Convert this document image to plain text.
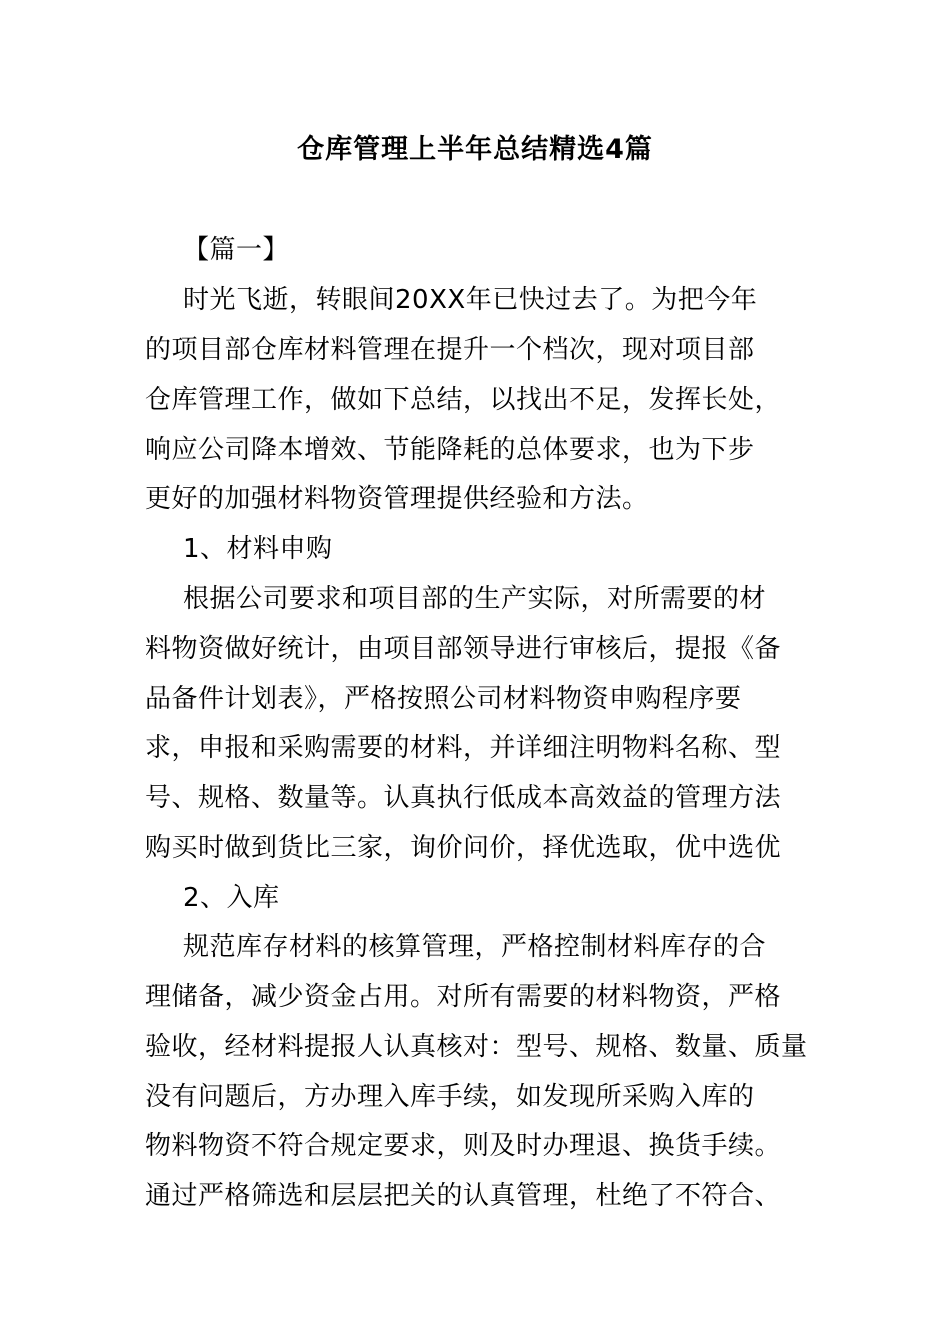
仓库管理上半年总结精选4篇
【篇一】
时光飞逝，转眼间20XX年已快过去了。为把今年
的项目部仓库材料管理在提升一个档次，现对项目部
仓库管理工作，做如下总结，以找出不足，发挥长处，
响应公司降本增效、节能降耗的总体要求，也为下步
更好的加强材料物资管理提供经验和方法。
1、材料申购
根据公司要求和项目部的生产实际，对所需要的材
料物资做好统计，由项目部领导进行审核后，提报《备
品备件计划表》，严格按照公司材料物资申购程序要
求，申报和采购需要的材料，并详细注明物料名称、型
号、规格、数量等。认真执行低成本高效益的管理方法
购买时做到货比三家，询价问价，择优选取，优中选优
2、入库
规范库存材料的核算管理，严格控制材料库存的合
理储备，减少资金占用。对所有需要的材料物资，严格
验收，经材料提报人认真核对：型号、规格、数量、质量
没有问题后，方办理入库手续，如发现所采购入库的
物料物资不符合规定要求，则及时办理退、换货手续。
通过严格筛选和层层把关的认真管理，杜绝了不符合、
